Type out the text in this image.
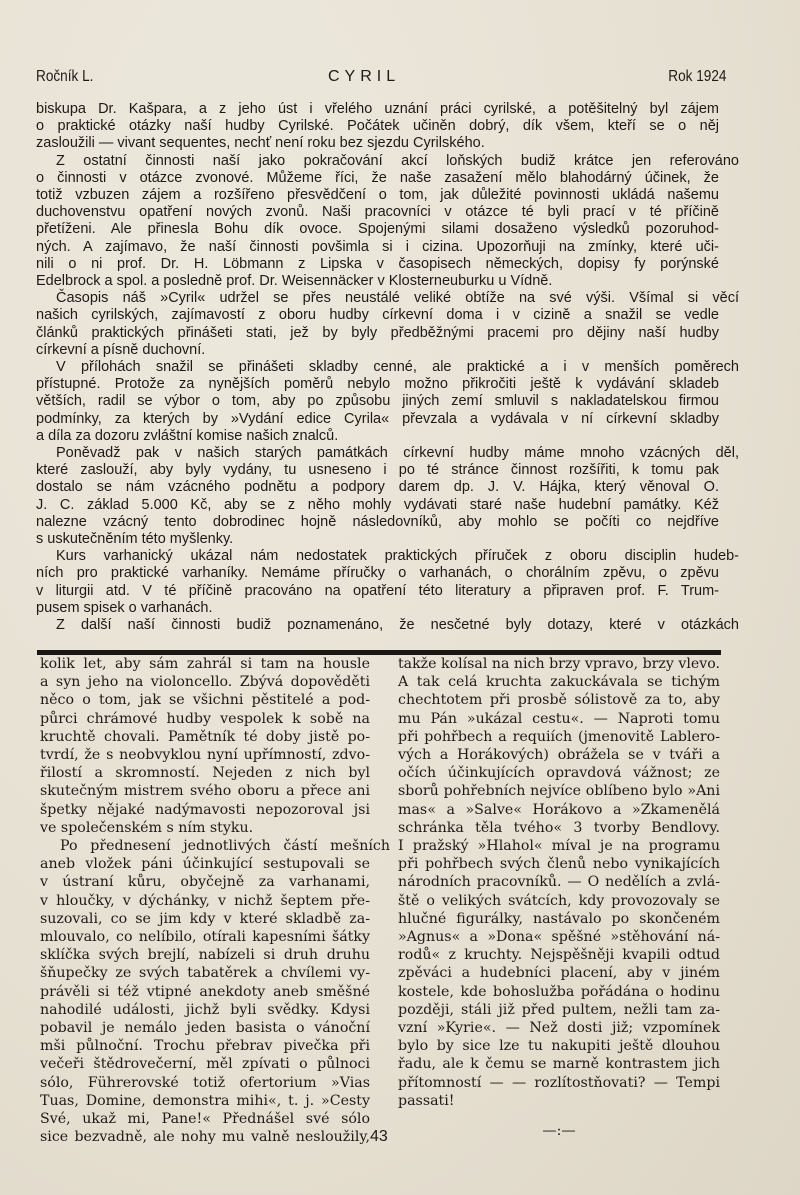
Ročník L.	CYRIL	Rok 1924
biskupa Dr. Kašpara, a z jeho úst i vřelého uznání práci cyrilské, a potěšitelný byl zájem
o praktické otázky naší hudby Cyrilské. Počátek učiněn dobrý, dík všem, kteří se o něj
zasloužili — vivant sequentes, nechť není roku bez sjezdu Cyrilského.
Z ostatní činnosti naší jako pokračování akcí loňských budiž krátce jen referováno
o činnosti v otázce zvonové. Můžeme říci, že naše zasažení mělo blahodárný účinek, že
totiž vzbuzen zájem a rozšířeno přesvědčení o tom, jak důležité povinnosti ukládá našemu
duchovenstvu opatření nových zvonů. Naši pracovníci v otázce té byli prací v té příčině
přetíženi. Ale přinesla Bohu dík ovoce. Spojenými silami dosaženo výsledků pozoruhod-
ných. A zajímavo, že naší činnosti povšimla si i cizina. Upozorňuji na zmínky, které uči-
nili o ni prof. Dr. H. Löbmann z Lipska v časopisech německých, dopisy fy porýnské
Edelbrock a spol. a posledně prof. Dr. Weisennäcker v Klosterneuburku u Vídně.
Časopis náš »Cyril« udržel se přes neustálé veliké obtíže na své výši. Všímal si věcí
našich cyrilských, zajímavostí z oboru hudby církevní doma i v cizině a snažil se vedle
článků praktických přinášeti stati, jež by byly předběžnými pracemi pro dějiny naší hudby
církevní a písně duchovní.
V přílohách snažil se přinášeti skladby cenné, ale praktické a i v menších poměrech
přístupné. Protože za nynějších poměrů nebylo možno přikročiti ještě k vydávání skladeb
větších, radil se výbor o tom, aby po způsobu jiných zemí smluvil s nakladatelskou firmou
podmínky, za kterých by »Vydání edice Cyrila« převzala a vydávala v ní církevní skladby
a díla za dozoru zvláštní komise našich znalců.
Poněvadž pak v našich starých památkách církevní hudby máme mnoho vzácných děl,
které zaslouží, aby byly vydány, tu usneseno i po té stránce činnost rozšířiti, k tomu pak
dostalo se nám vzácného podnětu a podpory darem dp. J. V. Hájka, který věnoval O.
J. C. základ 5.000 Kč, aby se z něho mohly vydávati staré naše hudební památky. Kéž
nalezne vzácný tento dobrodinec hojně následovníků, aby mohlo se počíti co nejdříve
s uskutečněním této myšlenky.
Kurs varhanický ukázal nám nedostatek praktických příruček z oboru disciplin hudeb-
ních pro praktické varhaníky. Nemáme příručky o varhanách, o chorálním zpěvu, o zpěvu
v liturgii atd. V té příčině pracováno na opatření této literatury a připraven prof. F. Trum-
pusem spisek o varhanách.
Z další naší činnosti budiž poznamenáno, že nesčetné byly dotazy, které v otázkách
kolik let, aby sám zahrál si tam na housle
a syn jeho na violoncello. Zbývá dopověděti
něco o tom, jak se všichni pěstitelé a pod-
půrci chrámové hudby vespolek k sobě na
kruchtě chovali. Pamětník té doby jistě po-
tvrdí, že s neobvyklou nyní upřímností, zdvo-
řilostí a skromností. Nejeden z nich byl
skutečným mistrem svého oboru a přece ani
špetky nějaké nadýmavosti nepozoroval jsi
ve společenském s ním styku.
Po přednesení jednotlivých částí mešních
aneb vložek páni účinkující sestupovali se
v ústraní kůru, obyčejně za varhanami,
v hloučky, v dýchánky, v nichž šeptem pře-
suzovali, co se jim kdy v které skladbě za-
mlouvalo, co nelíbilo, otírali kapesními šátky
sklíčka svých brejlí, nabízeli si druh druhu
šňupečky ze svých tabatěrek a chvílemi vy-
právěli si též vtipné anekdoty aneb směšné
nahodilé události, jichž byli svědky. Kdysi
pobavil je nemálo jeden basista o vánoční
mši půlnoční. Trochu přebrav pivečka při
večeři štědrovečerní, měl zpívati o půlnoci
sólo, Führerovské totiž ofertorium »Vias
Tuas, Domine, demonstra mihi«, t. j. »Cesty
Své, ukaž mi, Pane!« Přednášel své sólo
sice bezvadně, ale nohy mu valně nesloužily,
takže kolísal na nich brzy vpravo, brzy vlevo.
A tak celá kruchta zakuckávala se tichým
chechtotem při prosbě sólistově za to, aby
mu Pán »ukázal cestu«. — Naproti tomu
při pohřbech a requiích (jmenovitě Lablero-
vých a Horákových) obrážela se v tváři a
očích účinkujících opravdová vážnost; ze
sborů pohřebních nejvíce oblíbeno bylo »Ani
mas« a »Salve« Horákovo a »Zkamenělá
schránka těla tvého« 3 tvorby Bendlovy.
I pražský »Hlahol« míval je na programu
při pohřbech svých členů nebo vynikajících
národních pracovníků. — O nedělích a zvlá-
ště o velikých svátcích, kdy provozovaly se
hlučné figurálky, nastávalo po skončeném
»Agnus« a »Dona« spěšné »stěhování ná-
rodů« z kruchty. Nejspěšněji kvapili odtud
zpěváci a hudebníci placení, aby v jiném
kostele, kde bohoslužba pořádána o hodinu
později, stáli již před pultem, nežli tam za-
vzní »Kyrie«. — Než dosti již; vzpomínek
bylo by sice lze tu nakupiti ještě dlouhou
řadu, ale k čemu se marně kontrastem jich
přítomností — — rozlítostňovati? — Tempi
passati!
—:—
43
